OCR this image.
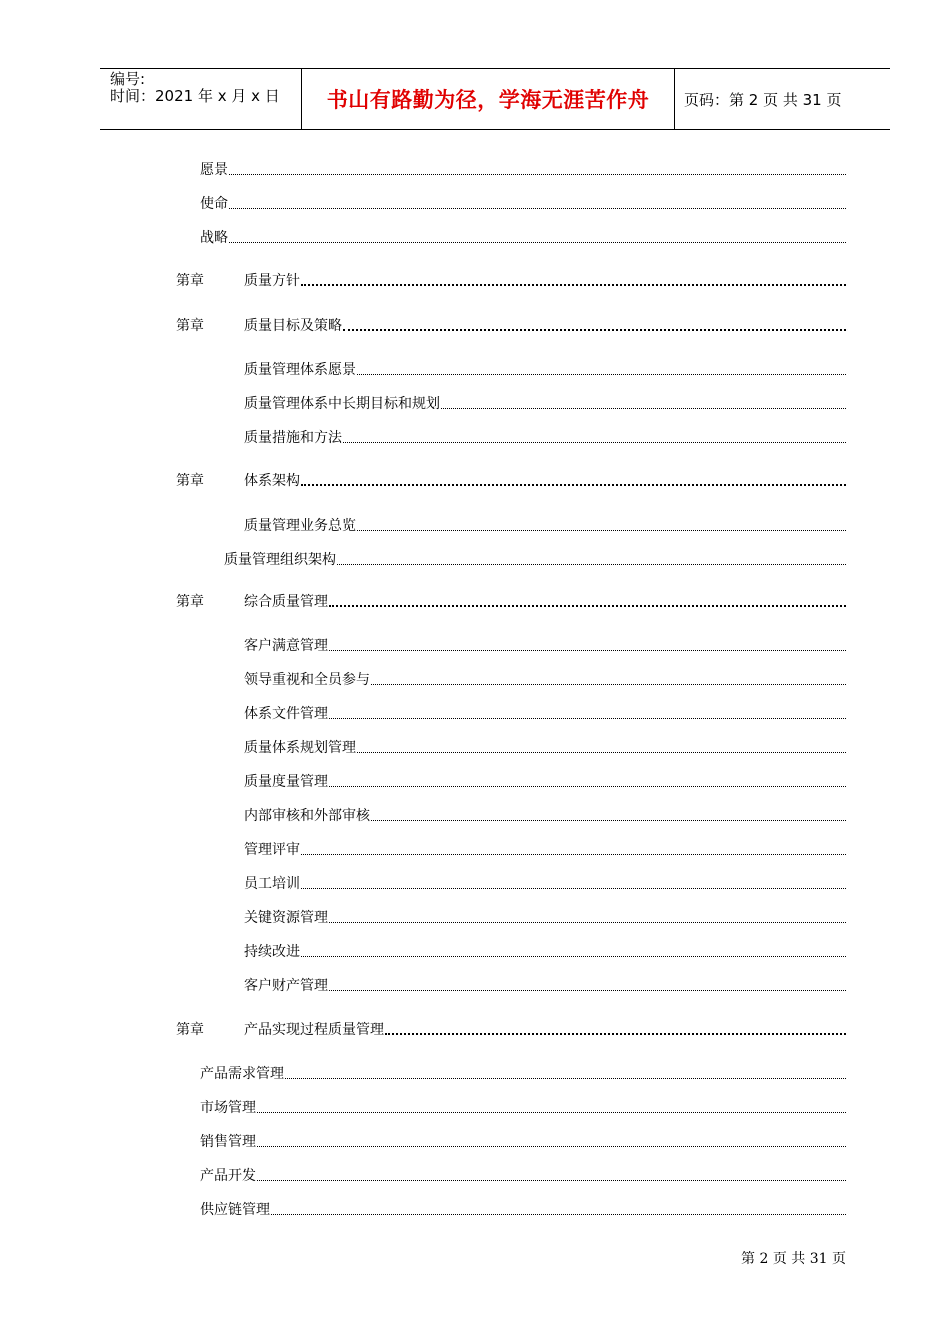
编号:
时间：2021 年 x 月 x 日	书山有路勤为径，学海无涯苦作舟	页码：第 2 页 共 31 页
愿景
使命
战略
第章	质量方针
第章	质量目标及策略
质量管理体系愿景
质量管理体系中长期目标和规划
质量措施和方法
第章	体系架构
质量管理业务总览
质量管理组织架构
第章	综合质量管理
客户满意管理
领导重视和全员参与
体系文件管理
质量体系规划管理
质量度量管理
内部审核和外部审核
管理评审
员工培训
关键资源管理
持续改进
客户财产管理
第章	产品实现过程质量管理
产品需求管理
市场管理
销售管理
产品开发
供应链管理
第 2 页 共 31 页
